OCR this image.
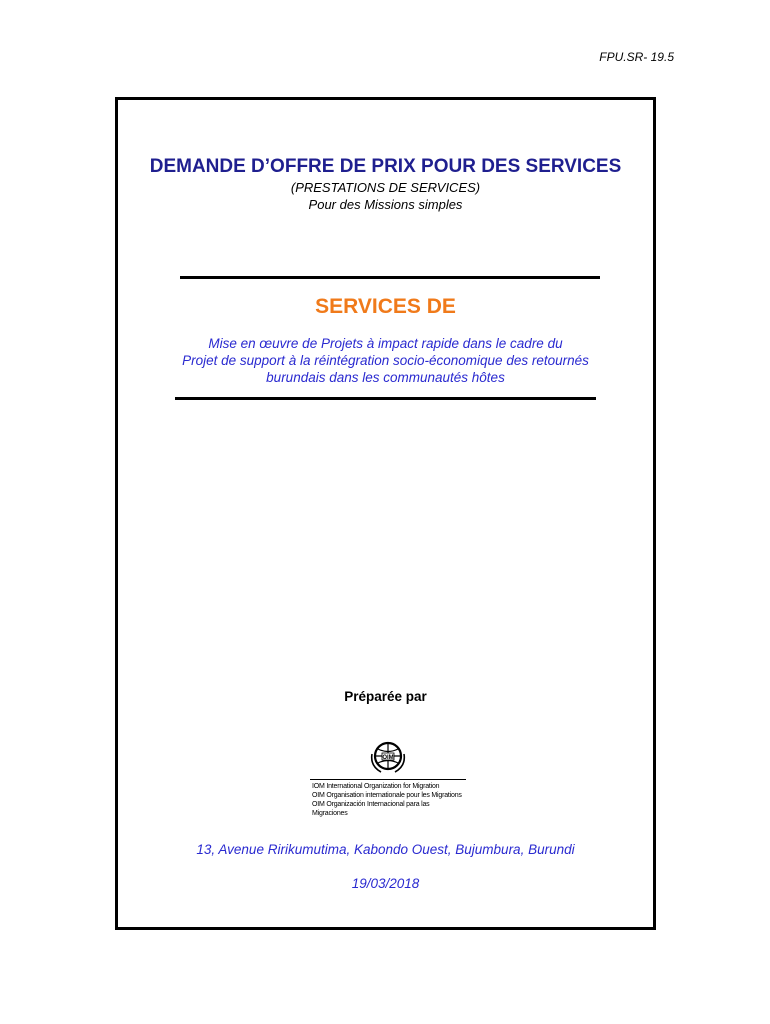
FPU.SR- 19.5
DEMANDE D’OFFRE DE PRIX POUR DES SERVICES
(PRESTATIONS DE SERVICES)
Pour des Missions simples
SERVICES DE
Mise en œuvre de Projets à impact rapide dans le cadre du
Projet de support à la réintégration socio-économique des retournés
burundais dans les communautés hôtes
Préparée par
OIM
IOM International Organization for Migration
OIM Organisation internationale pour les Migrations
OIM Organización Internacional para las Migraciones
13, Avenue Ririkumutima, Kabondo Ouest, Bujumbura, Burundi
19/03/2018
